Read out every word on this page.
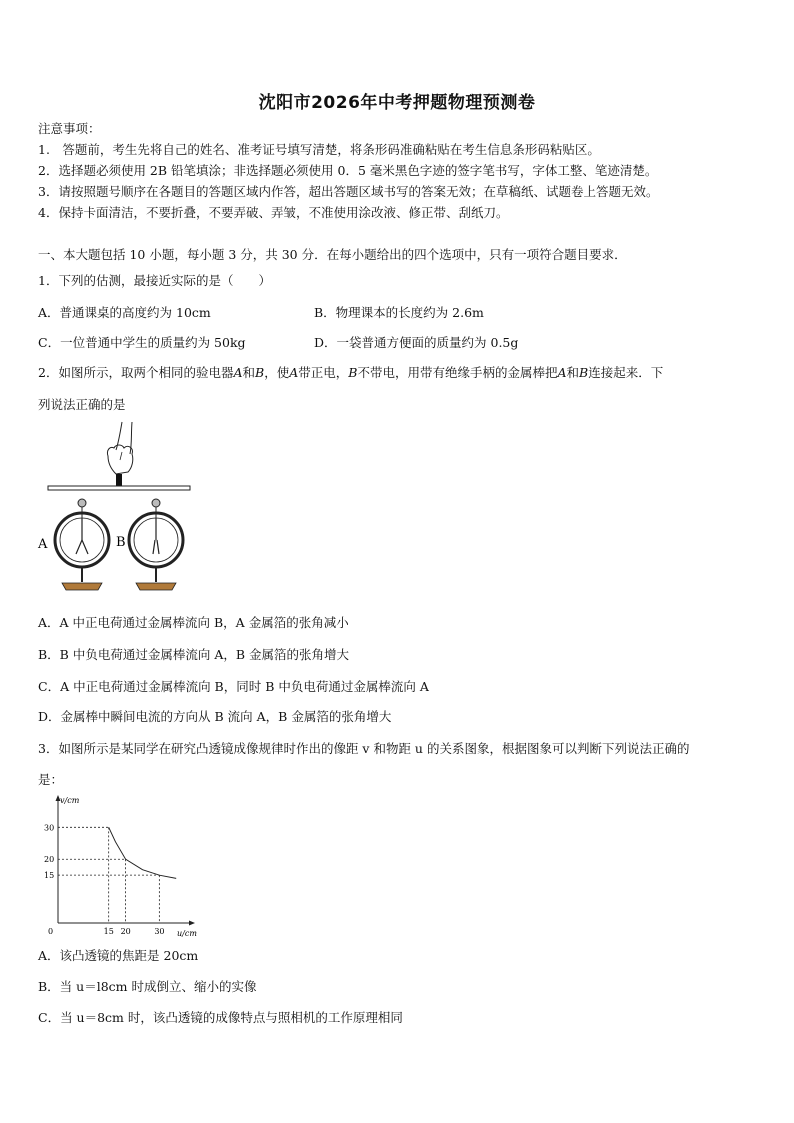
沈阳市2026年中考押题物理预测卷
注意事项：
1.　答题前，考生先将自己的姓名、准考证号填写清楚，将条形码准确粘贴在考生信息条形码粘贴区。
2．选择题必须使用 2B 铅笔填涂；非选择题必须使用 0．5 毫米黑色字迹的签字笔书写，字体工整、笔迹清楚。
3．请按照题号顺序在各题目的答题区域内作答，超出答题区域书写的答案无效；在草稿纸、试题卷上答题无效。
4．保持卡面清洁，不要折叠，不要弄破、弄皱，不准使用涂改液、修正带、刮纸刀。
一、本大题包括 10 小题，每小题 3 分，共 30 分．在每小题给出的四个选项中，只有一项符合题目要求．
1．下列的估测，最接近实际的是（　　）
A．普通课桌的高度约为 10cm	B．物理课本的长度约为 2.6m
C．一位普通中学生的质量约为 50kg	D．一袋普通方便面的质量约为 0.5g
2．如图所示，取两个相同的验电器A和B，使A带正电，B不带电，用带有绝缘手柄的金属棒把A和B连接起来．下
列说法正确的是
A	B
A．A 中正电荷通过金属棒流向 B，A 金属箔的张角减小
B．B 中负电荷通过金属棒流向 A，B 金属箔的张角增大
C．A 中正电荷通过金属棒流向 B，同时 B 中负电荷通过金属棒流向 A
D．金属棒中瞬间电流的方向从 B 流向 A，B 金属箔的张角增大
3．如图所示是某同学在研究凸透镜成像规律时作出的像距 v 和物距 u 的关系图象，根据图象可以判断下列说法正确的
是：
v/cm
u/cm
0	15 20	30
15
20
30
A．该凸透镜的焦距是 20cm
B．当 u＝l8cm 时成倒立、缩小的实像
C．当 u＝8cm 时，该凸透镜的成像特点与照相机的工作原理相同
